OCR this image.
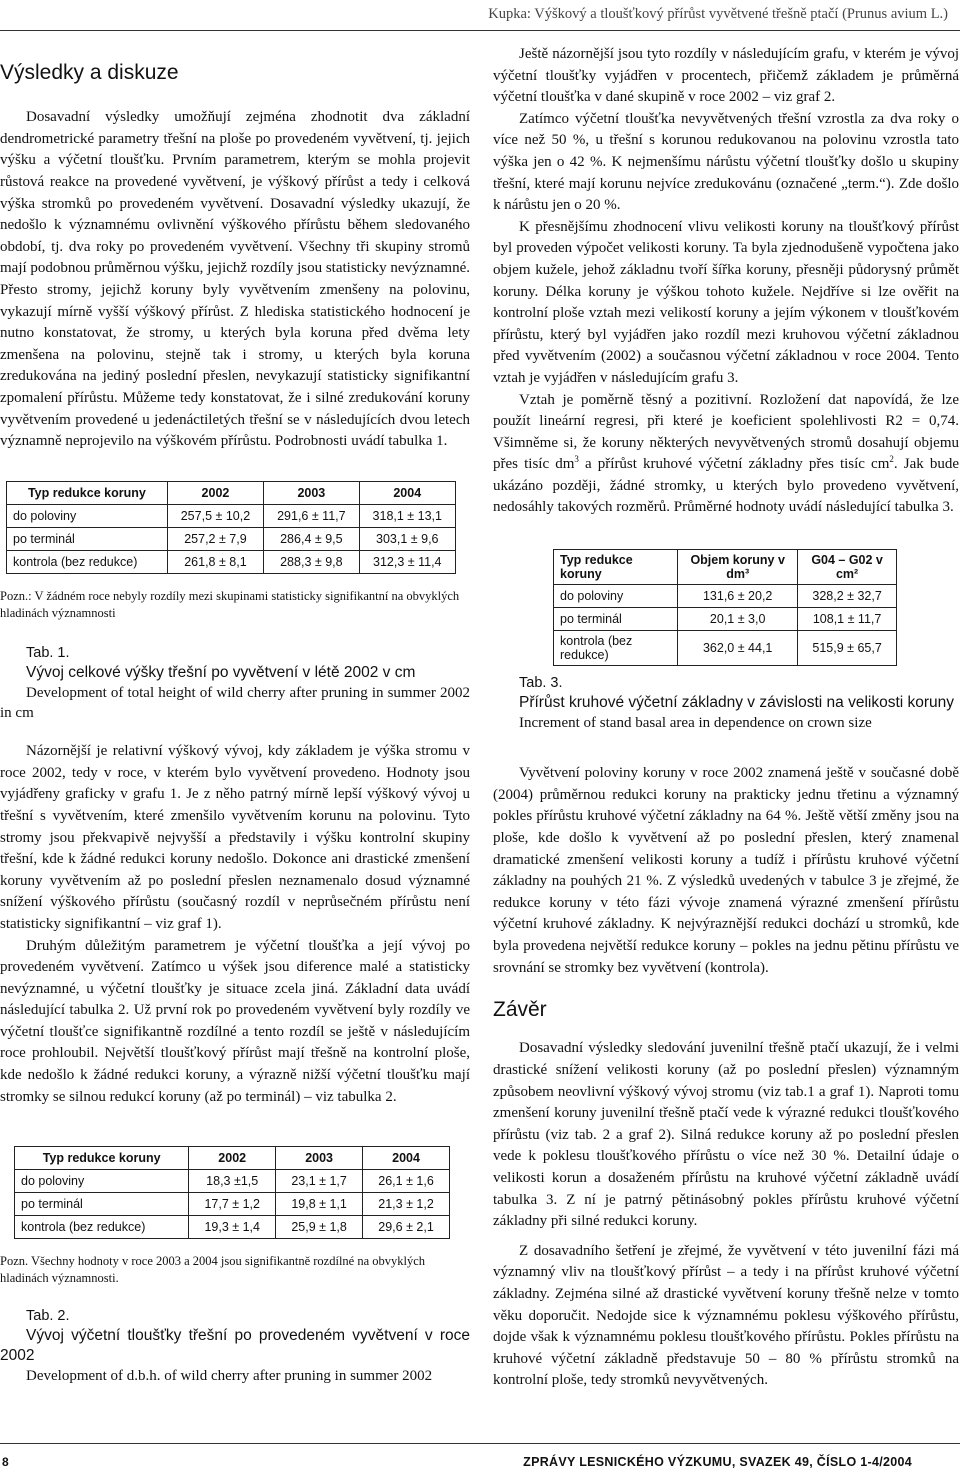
Kupka: Výškový a tloušťkový přírůst vyvětvené třešně ptačí (Prunus avium L.)
Výsledky a diskuze

Dosavadní výsledky umožňují zejména zhodnotit dva základní dendrometrické parametry třešní na ploše po provedeném vyvětvení, tj. jejich výšku a výčetní tloušťku. Prvním parametrem, kterým se mohla projevit růstová reakce na provedené vyvětvení, je výškový přírůst a tedy i celková výška stromků po provedeném vyvětvení. Dosavadní výsledky ukazují, že nedošlo k významnému ovlivnění výškového přírůstu během sledovaného období, tj. dva roky po provedeném vyvětvení. Všechny tři skupiny stromů mají podobnou průměrnou výšku, jejichž rozdíly jsou statisticky nevýznamné. Přesto stromy, jejichž koruny byly vyvětvením zmenšeny na polovinu, vykazují mírně vyšší výškový přírůst. Z hlediska statistického hodnocení je nutno konstatovat, že stromy, u kterých byla koruna před dvěma lety zmenšena na polovinu, stejně tak i stromy, u kterých byla koruna zredukována na jediný poslední přeslen, nevykazují statisticky signifikantní zpomalení přírůstu. Můžeme tedy konstatovat, že i silné zredukování koruny vyvětvením provedené u jedenáctiletých třešní se v následujících dvou letech významně neprojevilo na výškovém přírůstu. Podrobnosti uvádí tabulka 1.

Typ redukce koruny	2002	2003	2004
do poloviny	257,5 ± 10,2	291,6 ± 11,7	318,1 ± 13,1
po terminál	257,2 ± 7,9	286,4 ± 9,5	303,1 ± 9,6
kontrola (bez redukce)	261,8 ± 8,1	288,3 ± 9,8	312,3 ± 11,4

Pozn.: V žádném roce nebyly rozdíly mezi skupinami statisticky signifikantní na obvyklých hladinách významnosti

Tab. 1.

Vývoj celkové výšky třešní po vyvětvení v létě 2002 v cm

Development of total height of wild cherry after pruning in summer 2002 in cm

Názornější je relativní výškový vývoj, kdy základem je výška stromu v roce 2002, tedy v roce, v kterém bylo vyvětvení provedeno. Hodnoty jsou vyjádřeny graficky v grafu 1. Je z něho patrný mírně lepší výškový vývoj u třešní s vyvětvením, které zmenšilo vyvětvením korunu na polovinu. Tyto stromy jsou překvapivě nejvyšší a představily i výšku kontrolní skupiny třešní, kde k žádné redukci koruny nedošlo. Dokonce ani drastické zmenšení koruny vyvětvením až po poslední přeslen neznamenalo dosud významné snížení výškového přírůstu (současný rozdíl v neprůsečném přírůstu není statisticky signifikantní – viz graf 1).

Druhým důležitým parametrem je výčetní tloušťka a její vývoj po provedeném vyvětvení. Zatímco u výšek jsou diference malé a statisticky nevýznamné, u výčetní tloušťky je situace zcela jiná. Základní data uvádí následující tabulka 2. Už první rok po provedeném vyvětvení byly rozdíly ve výčetní tloušťce signifikantně rozdílné a tento rozdíl se ještě v následujícím roce prohloubil. Největší tloušťkový přírůst mají třešně na kontrolní ploše, kde nedošlo k žádné redukci koruny, a výrazně nižší výčetní tloušťku mají stromky se silnou redukcí koruny (až po terminál) – viz tabulka 2.

Typ redukce koruny	2002	2003	2004
do poloviny	18,3 ±1,5	23,1 ± 1,7	26,1 ± 1,6
po terminál	17,7 ± 1,2	19,8 ± 1,1	21,3 ± 1,2
kontrola (bez redukce)	19,3 ± 1,4	25,9 ± 1,8	29,6 ± 2,1

Pozn. Všechny hodnoty v roce 2003 a 2004 jsou signifikantně rozdílné na obvyklých hladinách významnosti.

Tab. 2.

Vývoj výčetní tloušťky třešní po provedeném vyvětvení v roce 2002

Development of d.b.h. of wild cherry after pruning in summer 2002

Ještě názornější jsou tyto rozdíly v následujícím grafu, v kterém je vývoj výčetní tloušťky vyjádřen v procentech, přičemž základem je průměrná výčetní tloušťka v dané skupině v roce 2002 – viz graf 2.

Zatímco výčetní tloušťka nevyvětvených třešní vzrostla za dva roky o více než 50 %, u třešní s korunou redukovanou na polovinu vzrostla tato výška jen o 42 %. K nejmenšímu nárůstu výčetní tloušťky došlo u skupiny třešní, které mají korunu nejvíce zredukovánu (označené „term.“). Zde došlo k nárůstu jen o 20 %.

K přesnějšímu zhodnocení vlivu velikosti koruny na tloušťkový přírůst byl proveden výpočet velikosti koruny. Ta byla zjednodušeně vypočtena jako objem kužele, jehož základnu tvoří šířka koruny, přesněji půdorysný průmět koruny. Délka koruny je výškou tohoto kužele. Nejdříve si lze ověřit na kontrolní ploše vztah mezi velikostí koruny a jejím výkonem v tloušťkovém přírůstu, který byl vyjádřen jako rozdíl mezi kruhovou výčetní základnou před vyvětvením (2002) a současnou výčetní základnou v roce 2004. Tento vztah je vyjádřen v následujícím grafu 3.

Vztah je poměrně těsný a pozitivní. Rozložení dat napovídá, že lze použít lineární regresi, při které je koeficient spolehlivosti R2 = 0,74. Všimněme si, že koruny některých nevyvětvených stromů dosahují objemu přes tisíc $dm^3$ a přírůst kruhové výčetní základny přes tisíc $cm^2$. Jak bude ukázáno později, žádné stromky, u kterých bylo provedeno vyvětvení, nedosáhly takových rozměrů. Průměrné hodnoty uvádí následující tabulka 3.

Typ redukce koruny	Objem koruny v dm³	G04 – G02 v cm²
do poloviny	131,6 ± 20,2	328,2 ± 32,7
po terminál	20,1 ± 3,0	108,1 ± 11,7
kontrola (bez redukce)	362,0 ± 44,1	515,9 ± 65,7

Tab. 3.

Přírůst kruhové výčetní základny v závislosti na velikosti koruny

Increment of stand basal area in dependence on crown size

Vyvětvení poloviny koruny v roce 2002 znamená ještě v současné době (2004) průměrnou redukci koruny na prakticky jednu třetinu a významný pokles přírůstu kruhové výčetní základny na 64 %. Ještě větší změny jsou na ploše, kde došlo k vyvětvení až po poslední přeslen, který znamenal dramatické zmenšení velikosti koruny a tudíž i přírůstu kruhové výčetní základny na pouhých 21 %. Z výsledků uvedených v tabulce 3 je zřejmé, že redukce koruny v této fázi vývoje znamená výrazné zmenšení přírůstu výčetní kruhové základny. K nejvýraznější redukci dochází u stromků, kde byla provedena největší redukce koruny – pokles na jednu pětinu přírůstu ve srovnání se stromky bez vyvětvení (kontrola).

Závěr

Dosavadní výsledky sledování juvenilní třešně ptačí ukazují, že i velmi drastické snížení velikosti koruny (až po poslední přeslen) významným způsobem neovlivní výškový vývoj stromu (viz tab.1 a graf 1). Naproti tomu zmenšení koruny juvenilní třešně ptačí vede k výrazné redukci tloušťkového přírůstu (viz tab. 2 a graf 2). Silná redukce koruny až po poslední přeslen vede k poklesu tloušťkového přírůstu o více než 30 %. Detailní údaje o velikosti korun a dosaženém přírůstu na kruhové výčetní základně uvádí tabulka 3. Z ní je patrný pětinásobný pokles přírůstu kruhové výčetní základny při silné redukci koruny.

Z dosavadního šetření je zřejmé, že vyvětvení v této juvenilní fázi má významný vliv na tloušťkový přírůst – a tedy i na přírůst kruhové výčetní základny. Zejména silné až drastické vyvětvení koruny třešně nelze v tomto věku doporučit. Nedojde sice k významnému poklesu výškového přírůstu, dojde však k významnému poklesu tloušťkového přírůstu. Pokles přírůstu na kruhové výčetní základně představuje 50 – 80 % přírůstu stromků na kontrolní ploše, tedy stromků nevyvětvených.

8	ZPRÁVY LESNICKÉHO VÝZKUMU, SVAZEK 49, ČÍSLO 1-4/2004
